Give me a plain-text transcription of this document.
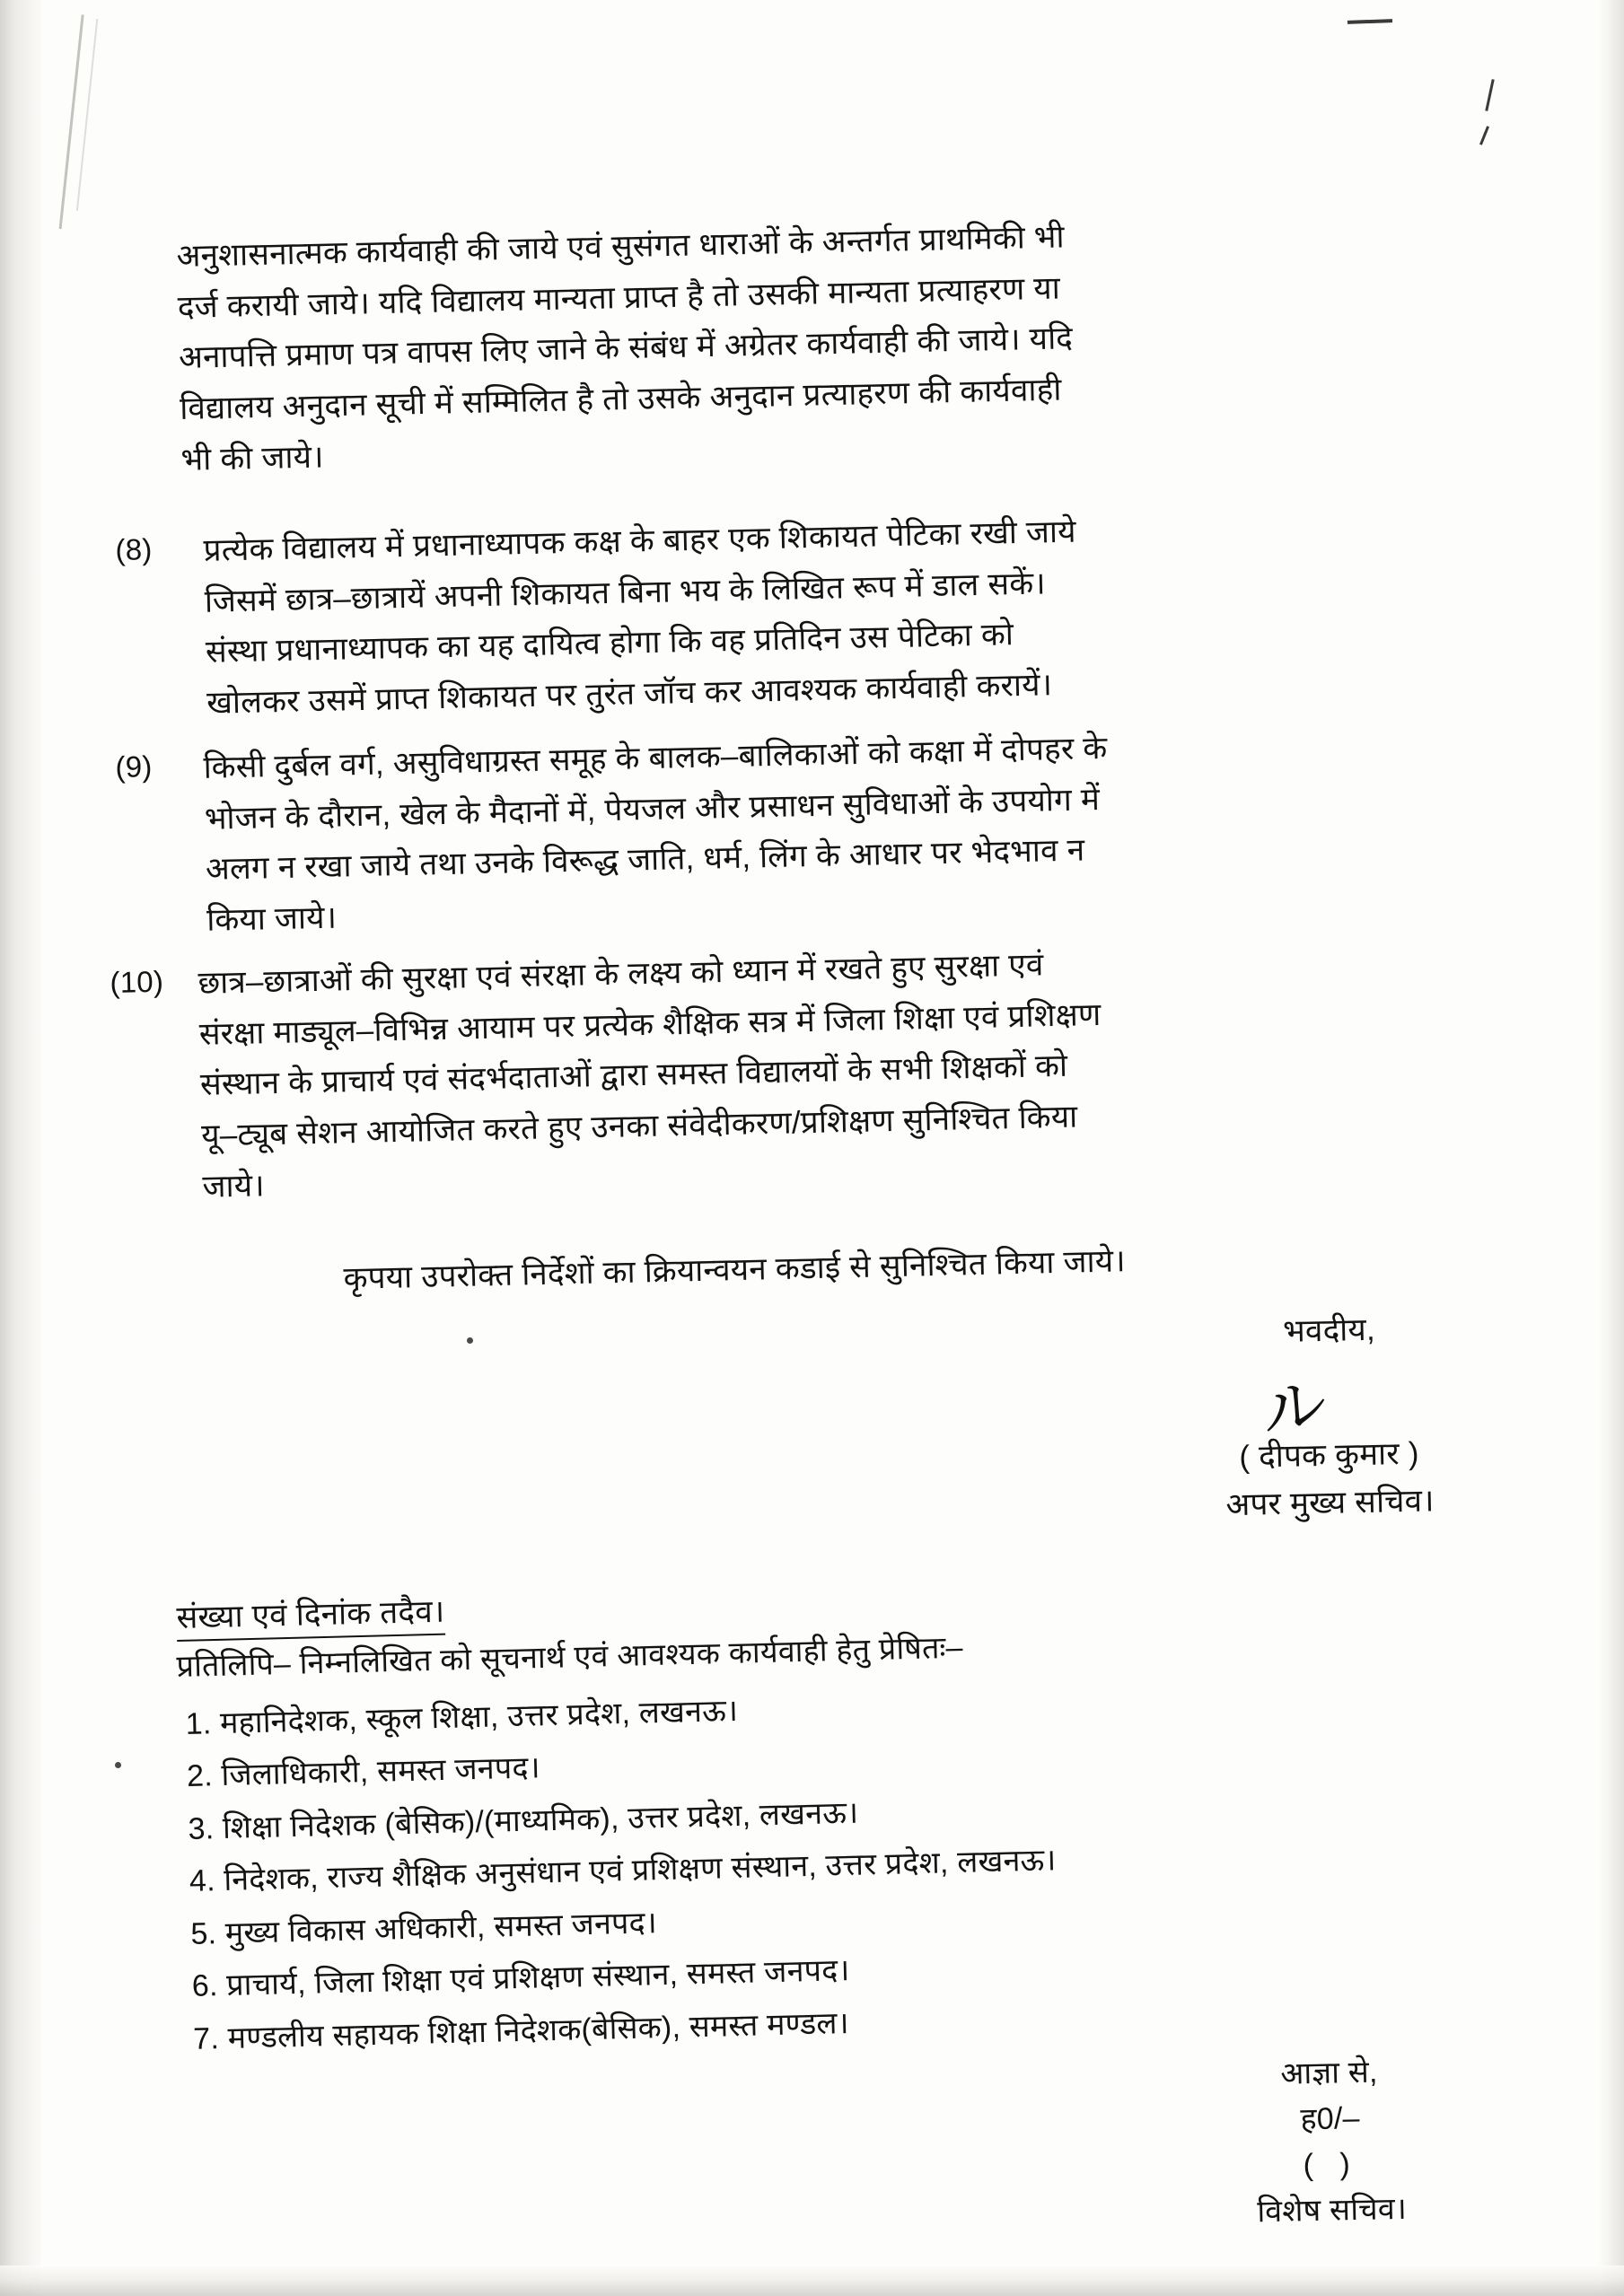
अनुशासनात्मक कार्यवाही की जाये एवं सुसंगत धाराओं के अन्तर्गत प्राथमिकी भी
दर्ज करायी जाये। यदि विद्यालय मान्यता प्राप्त है तो उसकी मान्यता प्रत्याहरण या
अनापत्ति प्रमाण पत्र वापस लिए जाने के संबंध में अग्रेतर कार्यवाही की जाये। यदि
विद्यालय अनुदान सूची में सम्मिलित है तो उसके अनुदान प्रत्याहरण की कार्यवाही
भी की जाये।
(8) प्रत्येक विद्यालय में प्रधानाध्यापक कक्ष के बाहर एक शिकायत पेटिका रखी जाये
जिसमें छात्र–छात्रायें अपनी शिकायत बिना भय के लिखित रूप में डाल सकें।
संस्था प्रधानाध्यापक का यह दायित्व होगा कि वह प्रतिदिन उस पेटिका को
खोलकर उसमें प्राप्त शिकायत पर तुरंत जॉच कर आवश्यक कार्यवाही करायें।
(9) किसी दुर्बल वर्ग, असुविधाग्रस्त समूह के बालक–बालिकाओं को कक्षा में दोपहर के
भोजन के दौरान, खेल के मैदानों में, पेयजल और प्रसाधन सुविधाओं के उपयोग में
अलग न रखा जाये तथा उनके विरूद्ध जाति, धर्म, लिंग के आधार पर भेदभाव न
किया जाये।
(10) छात्र–छात्राओं की सुरक्षा एवं संरक्षा के लक्ष्य को ध्यान में रखते हुए सुरक्षा एवं
संरक्षा माड्यूल–विभिन्न आयाम पर प्रत्येक शैक्षिक सत्र में जिला शिक्षा एवं प्रशिक्षण
संस्थान के प्राचार्य एवं संदर्भदाताओं द्वारा समस्त विद्यालयों के सभी शिक्षकों को
यू–ट्यूब सेशन आयोजित करते हुए उनका संवेदीकरण/प्रशिक्षण सुनिश्चित किया
जाये।
कृपया उपरोक्त निर्देशों का क्रियान्वयन कडाई से सुनिश्चित किया जाये।
भवदीय,
ル
( दीपक कुमार )
अपर मुख्य सचिव।
संख्या एवं दिनांक तदैव।
प्रतिलिपि– निम्नलिखित को सूचनार्थ एवं आवश्यक कार्यवाही हेतु प्रेषितः–
1. महानिदेशक, स्कूल शिक्षा, उत्तर प्रदेश, लखनऊ।
2. जिलाधिकारी, समस्त जनपद।
3. शिक्षा निदेशक (बेसिक)/(माध्यमिक), उत्तर प्रदेश, लखनऊ।
4. निदेशक, राज्य शैक्षिक अनुसंधान एवं प्रशिक्षण संस्थान, उत्तर प्रदेश, लखनऊ।
5. मुख्य विकास अधिकारी, समस्त जनपद।
6. प्राचार्य, जिला शिक्षा एवं प्रशिक्षण संस्थान, समस्त जनपद।
7. मण्डलीय सहायक शिक्षा निदेशक(बेसिक), समस्त मण्डल।
आज्ञा से,
ह0/–
( )
विशेष सचिव।
